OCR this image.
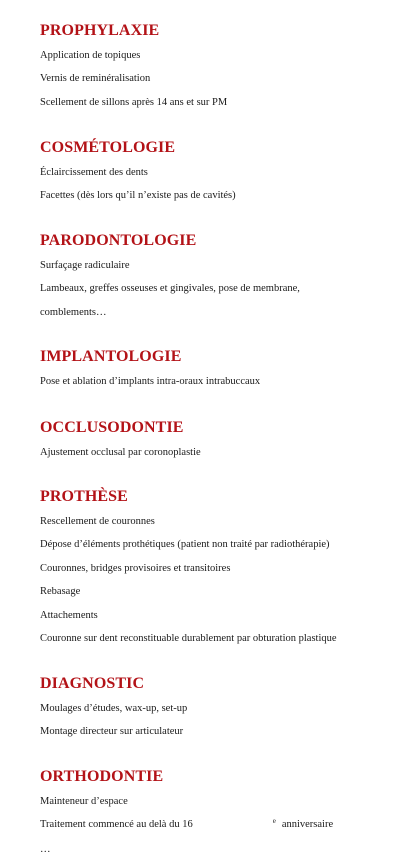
PROPHYLAXIE
Application de topiques
Vernis de reminéralisation
Scellement de sillons après 14 ans et sur PM
COSMÉTOLOGIE
Éclaircissement des dents
Facettes (dès lors qu’il n’existe pas de cavités)
PARODONTOLOGIE
Surfaçage radiculaire
Lambeaux, greffes osseuses et gingivales, pose de membrane,
comblements…
IMPLANTOLOGIE
Pose et ablation d’implants intra-oraux intrabuccaux
OCCLUSODONTIE
Ajustement occlusal par coronoplastie
PROTHÈSE
Rescellement de couronnes
Dépose d’éléments prothétiques (patient non traité par radiothérapie)
Couronnes, bridges provisoires et transitoires
Rebasage
Attachements
Couronne sur dent reconstituable durablement par obturation plastique
DIAGNOSTIC
Moulages d’études, wax-up, set-up
Montage directeur sur articulateur
ORTHODONTIE
Mainteneur d’espace
Traitement commencé au delà du 16	$^e$ anniversaire
…
